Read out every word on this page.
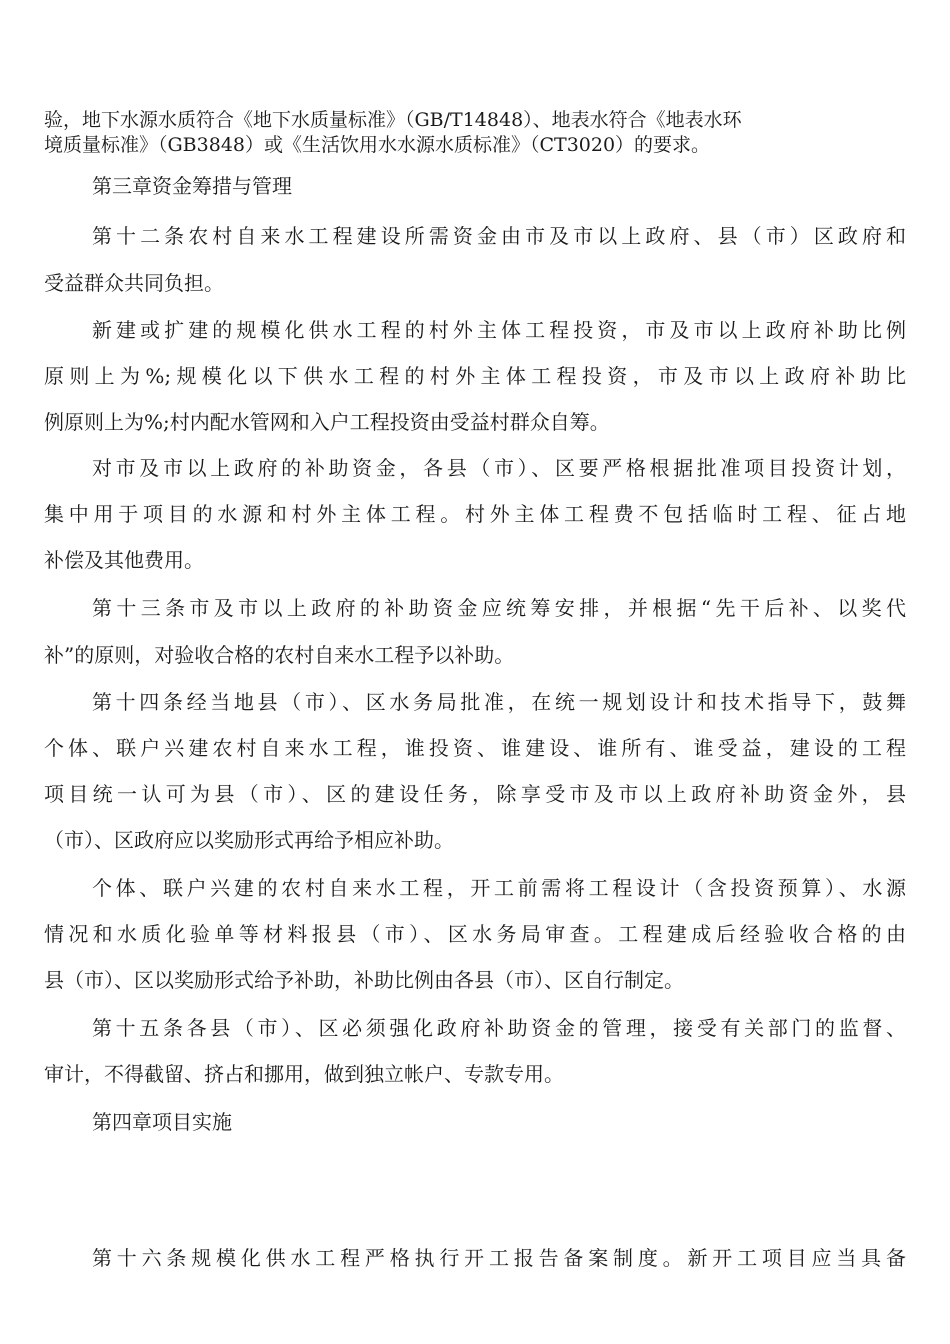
验，地下水源水质符合《地下水质量标准》（GB/T14848）、地表水符合《地表水环
境质量标准》（GB3848）或《生活饮用水水源水质标准》（CT3020）的要求。
第三章资金筹措与管理
第十二条农村自来水工程建设所需资金由市及市以上政府、县（市）区政府和
受益群众共同负担。
新建或扩建的规模化供水工程的村外主体工程投资，市及市以上政府补助比例
原则上为%;规模化以下供水工程的村外主体工程投资，市及市以上政府补助比
例原则上为%;村内配水管网和入户工程投资由受益村群众自筹。
对市及市以上政府的补助资金，各县（市）、区要严格根据批准项目投资计划，
集中用于项目的水源和村外主体工程。村外主体工程费不包括临时工程、征占地
补偿及其他费用。
第十三条市及市以上政府的补助资金应统筹安排，并根据“先干后补、以奖代
补”的原则，对验收合格的农村自来水工程予以补助。
第十四条经当地县（市）、区水务局批准，在统一规划设计和技术指导下，鼓舞
个体、联户兴建农村自来水工程，谁投资、谁建设、谁所有、谁受益，建设的工程
项目统一认可为县（市）、区的建设任务，除享受市及市以上政府补助资金外，县
（市）、区政府应以奖励形式再给予相应补助。
个体、联户兴建的农村自来水工程，开工前需将工程设计（含投资预算）、水源
情况和水质化验单等材料报县（市）、区水务局审查。工程建成后经验收合格的由
县（市）、区以奖励形式给予补助，补助比例由各县（市）、区自行制定。
第十五条各县（市）、区必须强化政府补助资金的管理，接受有关部门的监督、
审计，不得截留、挤占和挪用，做到独立帐户、专款专用。
第四章项目实施
第十六条规模化供水工程严格执行开工报告备案制度。新开工项目应当具备
